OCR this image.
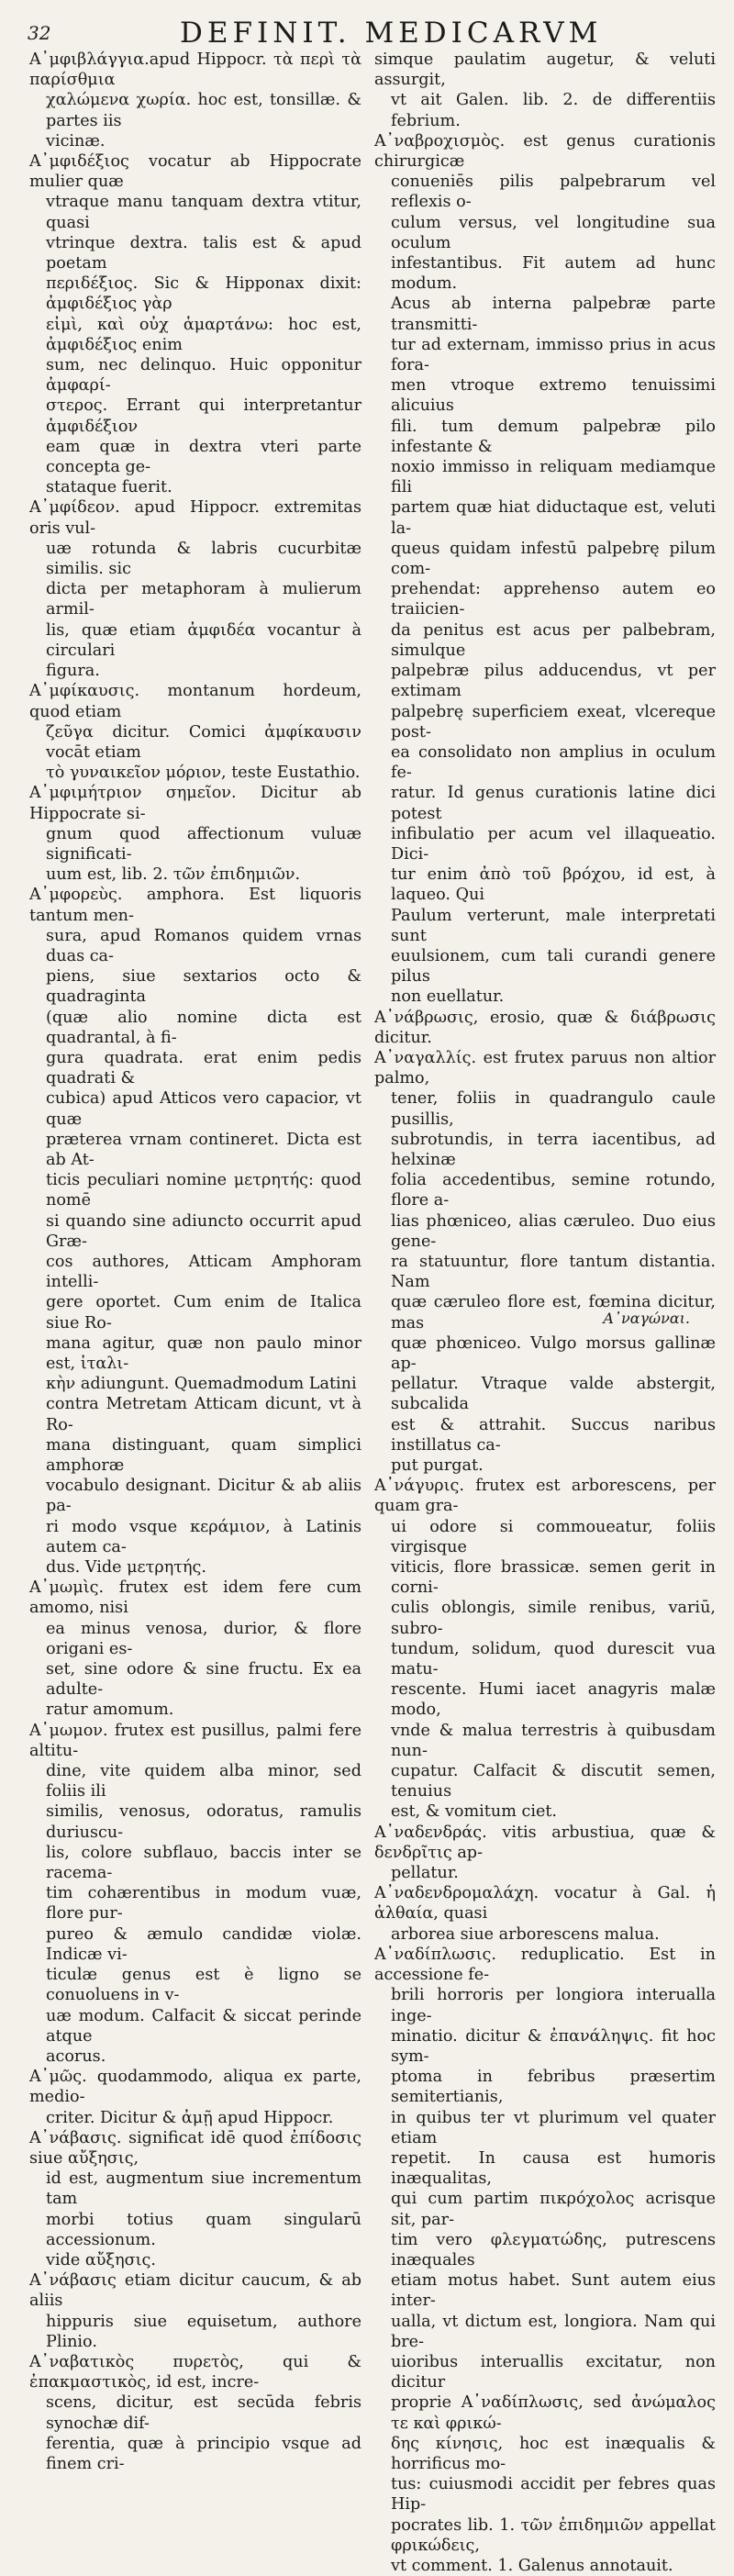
32	DEFINIT. MEDICARVM
A᾽μφιβλάγγια.apud Hippocr. τὰ περὶ τὰ παρίσθμια
χαλώμενα χωρία. hoc est, tonsillæ. & partes iis
vicinæ.
A᾽μφιδέξιος vocatur ab Hippocrate mulier quæ
vtraque manu tanquam dextra vtitur, quasi
vtrinque dextra. talis est & apud poetam
περιδέξιος. Sic & Hipponax dixit: ἀμφιδέξιος γὰρ
εἰμὶ, καὶ οὐχ ἁμαρτάνω: hoc est, ἀμφιδέξιος enim
sum, nec delinquo. Huic opponitur ἀμφαρί-
στερος. Errant qui interpretantur ἀμφιδέξιον
eam quæ in dextra vteri parte concepta ge-
stataque fuerit.
A᾽μφίδεον. apud Hippocr. extremitas oris vul-
uæ rotunda & labris cucurbitæ similis. sic
dicta per metaphoram à mulierum armil-
lis, quæ etiam ἀμφιδέα vocantur à circulari
figura.
A᾽μφίκαυσις. montanum hordeum, quod etiam
ζεῦγα dicitur. Comici ἀμφίκαυσιν vocāt etiam
τὸ γυναικεῖον μόριον, teste Eustathio.
A᾽μφιμήτριον σημεῖον. Dicitur ab Hippocrate si-
gnum quod affectionum vuluæ significati-
uum est, lib. 2. τῶν ἐπιδημιῶν.
A᾽μφορεὺς. amphora. Est liquoris tantum men-
sura, apud Romanos quidem vrnas duas ca-
piens, siue sextarios octo & quadraginta
(quæ alio nomine dicta est quadrantal, à fi-
gura quadrata. erat enim pedis quadrati &
cubica) apud Atticos vero capacior, vt quæ
præterea vrnam contineret. Dicta est ab At-
ticis peculiari nomine μετρητής: quod nomē
si quando sine adiuncto occurrit apud Græ-
cos authores, Atticam Amphoram intelli-
gere oportet. Cum enim de Italica siue Ro-
mana agitur, quæ non paulo minor est, ἰταλι-
κὴν adiungunt. Quemadmodum Latini
contra Metretam Atticam dicunt, vt à Ro-
mana distinguant, quam simplici amphoræ
vocabulo designant. Dicitur & ab aliis pa-
ri modo vsque κεράμιον, à Latinis autem ca-
dus. Vide μετρητής.
A᾽μωμὶς. frutex est idem fere cum amomo, nisi
ea minus venosa, durior, & flore origani es-
set, sine odore & sine fructu. Ex ea adulte-
ratur amomum.
A᾽μωμον. frutex est pusillus, palmi fere altitu-
dine, vite quidem alba minor, sed foliis ili
similis, venosus, odoratus, ramulis duriuscu-
lis, colore subflauo, baccis inter se racema-
tim cohærentibus in modum vuæ, flore pur-
pureo & æmulo candidæ violæ. Indicæ vi-
ticulæ genus est è ligno se conuoluens in v-
uæ modum. Calfacit & siccat perinde atque
acorus.
A᾽μῶς. quodammodo, aliqua ex parte, medio-
criter. Dicitur & ἀμῇ apud Hippocr.
A᾽νάβασις. significat idē quod ἐπίδοσις siue αὔξησις,
id est, augmentum siue incrementum tam
morbi totius quam singularū accessionum.
vide αὔξησις.
A᾽νάβασις etiam dicitur caucum, & ab aliis
hippuris siue equisetum, authore Plinio.
A᾽ναβατικὸς πυρετὸς, qui & ἐπακμαστικὸς, id est, incre-
scens, dicitur, est secūda febris synochæ dif-
ferentia, quæ à principio vsque ad finem cri-
simque paulatim augetur, & veluti assurgit,
vt ait Galen. lib. 2. de differentiis febrium.
A᾽ναβροχισμὸς. est genus curationis chirurgicæ
conueniēs pilis palpebrarum vel reflexis o-
culum versus, vel longitudine sua oculum
infestantibus. Fit autem ad hunc modum.
Acus ab interna palpebræ parte transmitti-
tur ad externam, immisso prius in acus fora-
men vtroque extremo tenuissimi alicuius
fili. tum demum palpebræ pilo infestante &
noxio immisso in reliquam mediamque fili
partem quæ hiat diductaque est, veluti la-
queus quidam infestū palpebrę pilum com-
prehendat: apprehenso autem eo traiicien-
da penitus est acus per palbebram, simulque
palpebræ pilus adducendus, vt per extimam
palpebrę superficiem exeat, vlcereque post-
ea consolidato non amplius in oculum fe-
ratur. Id genus curationis latine dici potest
infibulatio per acum vel illaqueatio. Dici-
tur enim ἀπὸ τοῦ βρόχου, id est, à laqueo. Qui
Paulum verterunt, male interpretati sunt
euulsionem, cum tali curandi genere pilus
non euellatur.
A᾽νάβρωσις, erosio, quæ & διάβρωσις dicitur.
A᾽ναγαλλίς. est frutex paruus non altior palmo,
tener, foliis in quadrangulo caule pusillis,
subrotundis, in terra iacentibus, ad helxinæ
folia accedentibus, semine rotundo, flore a-
lias phœniceo, alias cæruleo. Duo eius gene-
ra statuuntur, flore tantum distantia. Nam
quæ cæruleo flore est, fœmina dicitur, mas
quæ phœniceo. Vulgo morsus gallinæ ap-
pellatur. Vtraque valde abstergit, subcalida
est & attrahit. Succus naribus instillatus ca-
put purgat.
A᾽νάγυρις. frutex est arborescens, per quam gra-
ui odore si commoueatur, foliis virgisque
viticis, flore brassicæ. semen gerit in corni-
culis oblongis, simile renibus, variū, subro-
tundum, solidum, quod durescit vua matu-
rescente. Humi iacet anagyris malæ modo,
vnde & malua terrestris à quibusdam nun-
cupatur. Calfacit & discutit semen, tenuius
est, & vomitum ciet.
A᾽ναδενδράς. vitis arbustiua, quæ & δενδρῖτις ap-
pellatur.
A᾽ναδενδρομαλάχη. vocatur à Gal. ἡ ἀλθαία, quasi
arborea siue arborescens malua.
A᾽ναδίπλωσις. reduplicatio. Est in accessione fe-
brili horroris per longiora interualla inge-
minatio. dicitur & ἐπανάληψις. fit hoc sym-
ptoma in febribus præsertim semitertianis,
in quibus ter vt plurimum vel quater etiam
repetit. In causa est humoris inæqualitas,
qui cum partim πικρόχολος acrisque sit, par-
tim vero φλεγματώδης, putrescens inæquales
etiam motus habet. Sunt autem eius inter-
ualla, vt dictum est, longiora. Nam qui bre-
uioribus interuallis excitatur, non dicitur
proprie A᾽ναδίπλωσις, sed ἀνώμαλος τε καὶ φρικώ-
δης κίνησις, hoc est inæqualis & horrificus mo-
tus: cuiusmodi accidit per febres quas Hip-
pocrates lib. 1. τῶν ἐπιδημιῶν appellat φρικώδεις,
vt comment. 1. Galenus annotauit.
A᾽ναγώναι.
